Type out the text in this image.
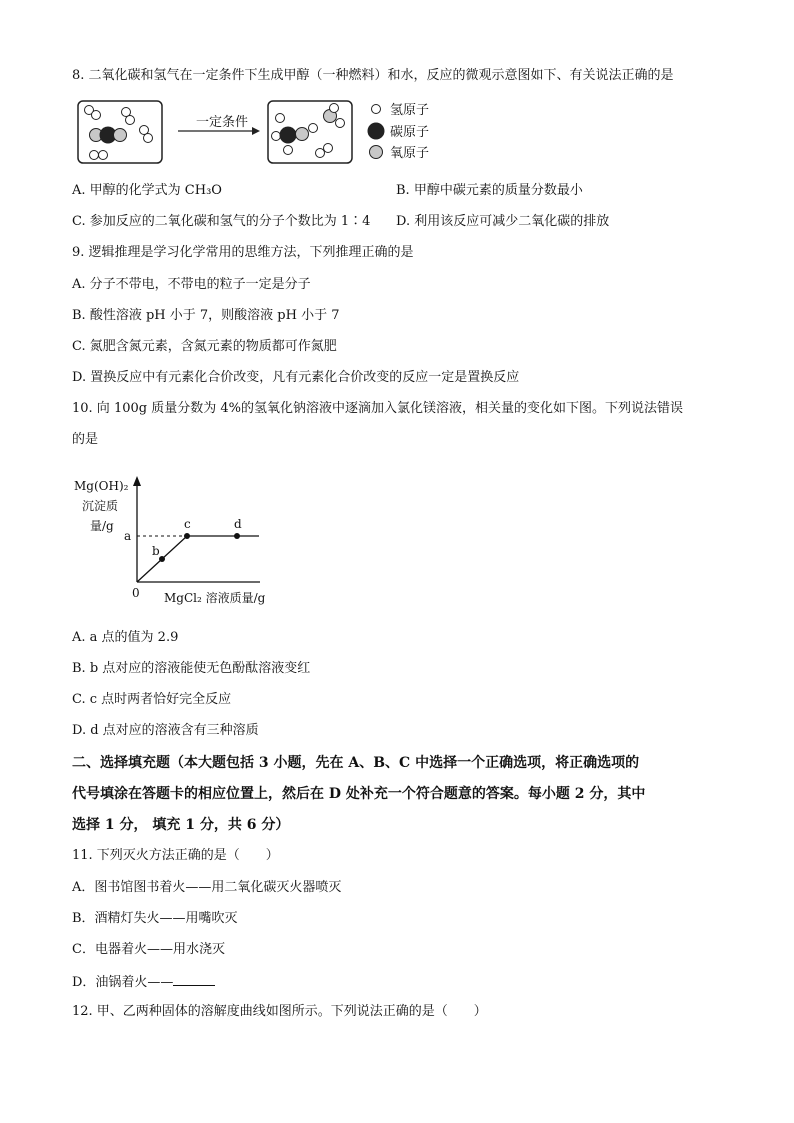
8. 二氧化碳和氢气在一定条件下生成甲醇（一种燃料）和水，反应的微观示意图如下、有关说法正确的是
一定条件
氢原子
碳原子
氧原子
A. 甲醇的化学式为 CH₃O	B. 甲醇中碳元素的质量分数最小
C. 参加反应的二氧化碳和氢气的分子个数比为 1∶4 D. 利用该反应可减少二氧化碳的排放
9. 逻辑推理是学习化学常用的思维方法，下列推理正确的是
A. 分子不带电，不带电的粒子一定是分子
B. 酸性溶液 pH 小于 7，则酸溶液 pH 小于 7
C. 氮肥含氮元素，含氮元素的物质都可作氮肥
D. 置换反应中有元素化合价改变，凡有元素化合价改变的反应一定是置换反应
10. 向 100g 质量分数为 4%的氢氧化钠溶液中逐滴加入氯化镁溶液，相关量的变化如下图。下列说法错误
的是
Mg(OH)₂
沉淀质
量/g
0 MgCl₂ 溶液质量/g
a
b
c	d
A. a 点的值为 2.9
B. b 点对应的溶液能使无色酚酞溶液变红
C. c 点时两者恰好完全反应
D. d 点对应的溶液含有三种溶质
二、选择填充题（本大题包括 3 小题，先在 A、B、C 中选择一个正确选项，将正确选项的
代号填涂在答题卡的相应位置上，然后在 D 处补充一个符合题意的答案。每小题 2 分，其中
选择 1 分， 填充 1 分，共 6 分）
11. 下列灭火方法正确的是（　　）
A．图书馆图书着火——用二氧化碳灭火器喷灭
B．酒精灯失火——用嘴吹灭
C．电器着火——用水浇灭
D．油锅着火——
12. 甲、乙两种固体的溶解度曲线如图所示。下列说法正确的是（　　）
